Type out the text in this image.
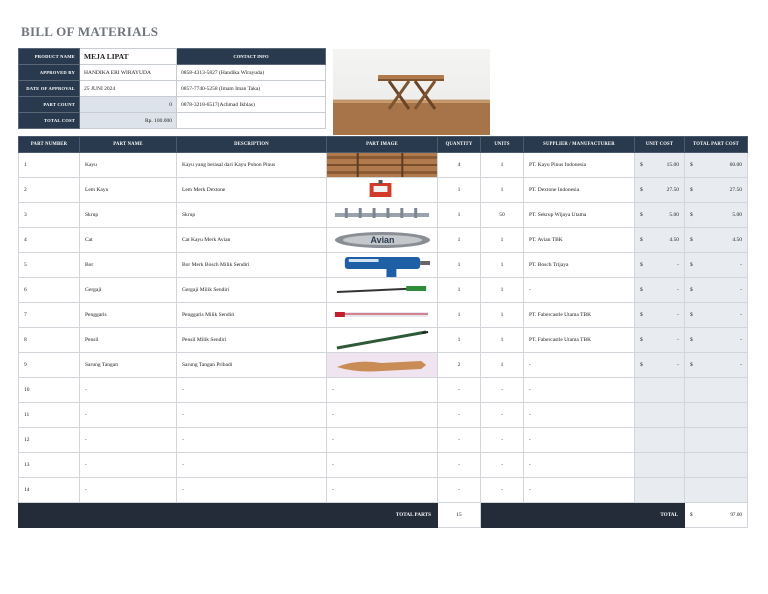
BILL OF MATERIALS
PRODUCT NAME	MEJA LIPAT	CONTACT INFO
APPROVED BY	HANDIKA ERI WIRAYUDA	0858-4313-5827 (Handika Wirayuda)
DATE OF APPROVAL	25 JUNI 2024	0857-7740-5258 (Imam Iman Taka)
PART COUNT	0	0878-3218-6517(Achmad Ikhlas)
TOTAL COST	Rp. 100.000	
PART NUMBER	PART NAME	DESCRIPTION	PART IMAGE	QUANTITY	UNITS	SUPPLIER / MANUFACTURER	UNIT COST	TOTAL PART COST
1	Kayu	Kayu yang berasal dari Kayu Pohon Pinus		4	1	PT. Kayu Pinus Indonesia	$ 15.00	$ 60.00

2	Lem Kayu	Lem Merk Dextone		1	1	PT. Dextone Indonesia	$ 27.50	$ 27.50

3	Skrup	Skrup		1	50	PT. Sekrup Wijaya Utama	$ 5.00	$ 5.00

4	Cat	Cat Kayu Merk Avian	Avian	1	1	PT. Avian TBK	$ 4.50	$ 4.50

5	Bor	Bor Merk Bosch Milik Sendiri		1	1	PT. Bosch Trijaya	$ -	$ -

6	Gergaji	Gergaji Milik Sendiri		1	1	-	$ -	$ -

7	Penggaris	Penggaris Milik Sendiri		1	1	PT. Fabercastle Utama TBK	$ -	$ -

8	Pensil	Pensil Milik Sendiri		1	1	PT. Fabercastle Utama TBK	$ -	$ -

9	Sarung Tangan	Sarung Tangan Pribadi		2	1	-	$ -	$ -

10	-	-	-	-	-	-		
11	-	-	-	-	-	-		
12	-	-	-	-	-	-		
13	-	-	-	-	-	-		
14	-	-	-	-	-	-		
TOTAL PARTS				15	TOTAL			$ 97.00
